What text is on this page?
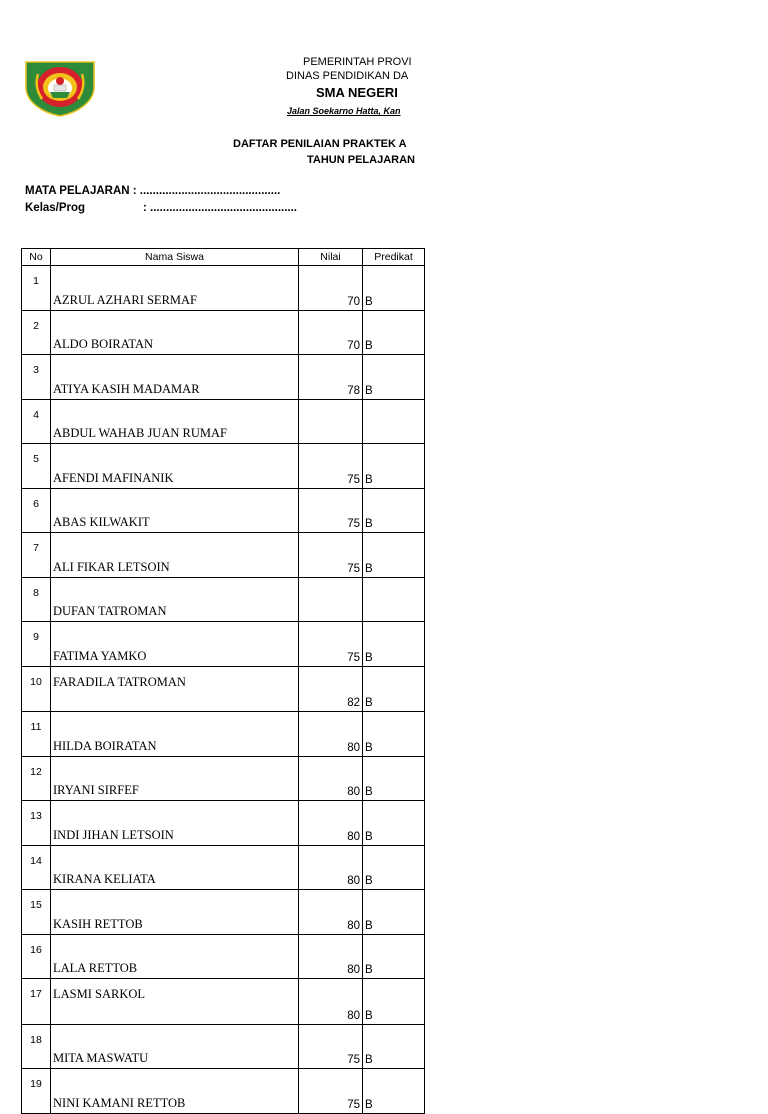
PEMERINTAH PROVI
DINAS PENDIDIKAN DA
SMA NEGERI
Jalan Soekarno Hatta, Kan
DAFTAR PENILAIAN PRAKTEK A
TAHUN PELAJARAN
MATA PELAJARAN : ............................................
Kelas/Prog	: ..............................................
No	Nama Siswa	Nilai	Predikat
1	AZRUL AZHARI SERMAF	70	B
2	ALDO BOIRATAN	70	B
3	ATIYA KASIH MADAMAR	78	B
4	ABDUL WAHAB JUAN RUMAF		
5	AFENDI MAFINANIK	75	B
6	ABAS KILWAKIT	75	B
7	ALI FIKAR LETSOIN	75	B
8	DUFAN TATROMAN		
9	FATIMA YAMKO	75	B
10	FARADILA TATROMAN	82	B
11	HILDA BOIRATAN	80	B
12	IRYANI SIRFEF	80	B
13	INDI JIHAN LETSOIN	80	B
14	KIRANA KELIATA	80	B
15	KASIH RETTOB	80	B
16	LALA RETTOB	80	B
17	LASMI SARKOL	80	B
18	MITA MASWATU	75	B
19	NINI KAMANI RETTOB	75	B
